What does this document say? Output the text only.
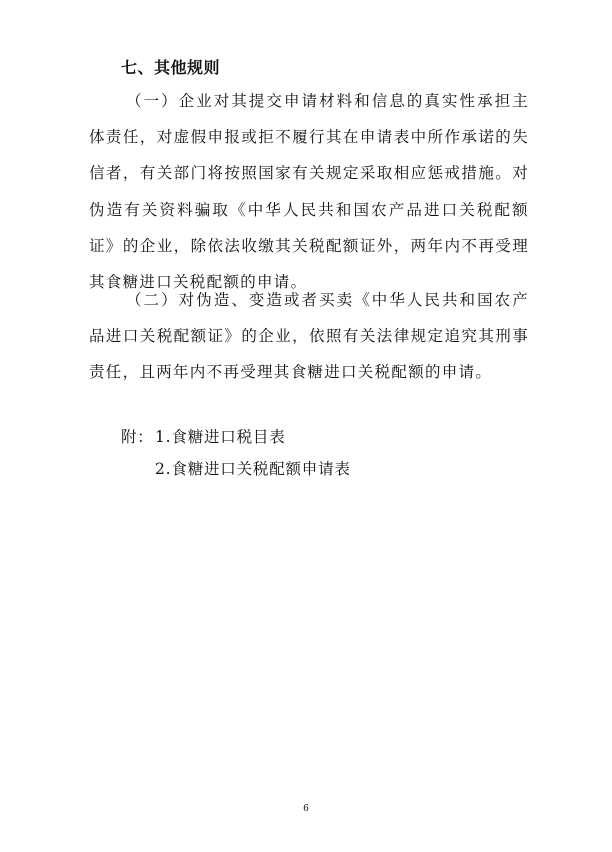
七、其他规则

（一）企业对其提交申请材料和信息的真实性承担主体责任，对虚假申报或拒不履行其在申请表中所作承诺的失信者，有关部门将按照国家有关规定采取相应惩戒措施。对伪造有关资料骗取《中华人民共和国农产品进口关税配额证》的企业，除依法收缴其关税配额证外，两年内不再受理其食糖进口关税配额的申请。

（二）对伪造、变造或者买卖《中华人民共和国农产品进口关税配额证》的企业，依照有关法律规定追究其刑事责任，且两年内不再受理其食糖进口关税配额的申请。

附： 1.食糖进口税目表
2.食糖进口关税配额申请表
6
